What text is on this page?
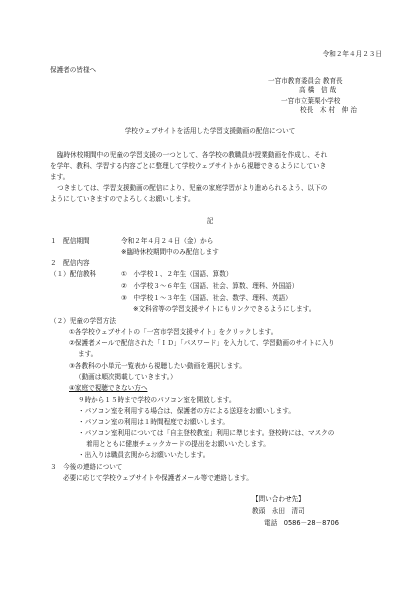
令和２年４月２３日
保護者の皆様へ
一宮市教育委員会 教育長
高 橋　信 哉
一宮市立葉栗小学校
校長　木 村　伸 治
学校ウェブサイトを活用した学習支援動画の配信について
臨時休校期間中の児童の学習支援の一つとして、各学校の教職員が授業動画を作成し、それ
を学年、教科、学習する内容ごとに整理して学校ウェブサイトから視聴できるようにしていき
ます。
つきましては、学習支援動画の配信により、児童の家庭学習がより進められるよう、以下の
ようにしていきますのでよろしくお願いします。
記
１　配信期間	令和２年４月２４日（金）から
※臨時休校期間中のみ配信します
２　配信内容
（１）配信教科	①　小学校１、２年生（国語、算数）
②　小学校３～６年生（国語、社会、算数、理科、外国語）
③　中学校１～３年生（国語、社会、数学、理科、英語）
※文科省等の学習支援サイトにもリンクできるようにします。
（２）児童の学習方法
①各学校ウェブサイトの「一宮市学習支援サイト」をクリックします。
②保護者メールで配信された「ＩＤ」「パスワード」を入力して、学習動画のサイトに入り
ます。
③各教科の小単元一覧表から視聴したい動画を選択します。
（動画は順次掲載していきます。）
④家庭で視聴できない方へ
９時から１５時まで学校のパソコン室を開放します。
・パソコン室を利用する場合は、保護者の方による送迎をお願いします。
・パソコン室の利用は１時間程度でお願いします。
・パソコン室利用については「自主登校教室」利用に準じます。登校時には、マスクの
着用とともに健康チェックカードの提出をお願いいたします。
・出入りは職員玄関からお願いいたします。
３　今後の連絡について
必要に応じて学校ウェブサイトや保護者メール等で連絡します。
【問い合わせ先】
教頭　永田　清司
電話　0586－28－8706
